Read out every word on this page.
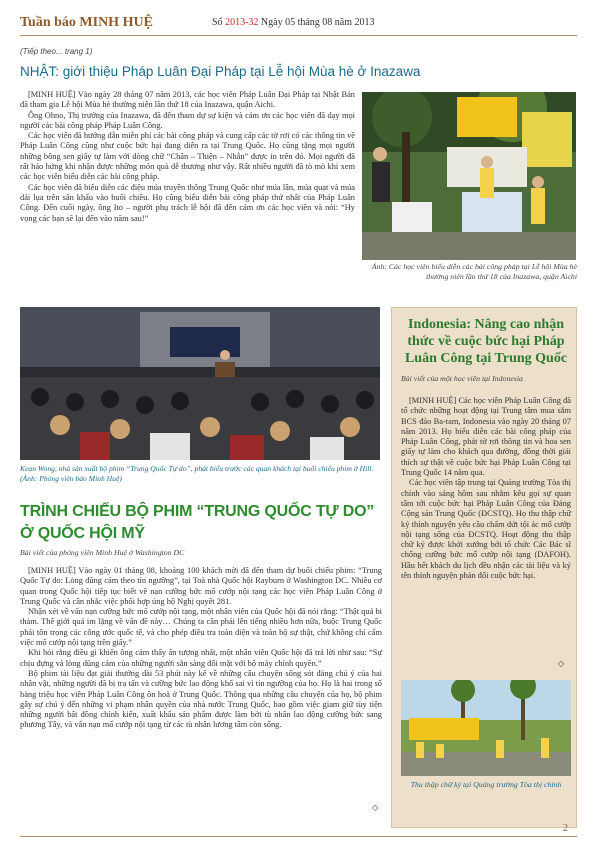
Tuần báo MINH HUỆ	Số 2013-32 Ngày 05 tháng 08 năm 2013
(Tiếp theo... trang 1)
NHẬT: giới thiệu Pháp Luân Đại Pháp tại Lễ hội Mùa hè ở Inazawa

[MINH HUỆ] Vào ngày 28 tháng 07 năm 2013, các học viên Pháp Luân Đại Pháp tại Nhật Bản đã tham gia Lễ hội Mùa hè thường niên lần thứ 18 của Inazawa, quận Aichi.

Ông Ohno, Thị trưởng của Inazawa, đã đến tham dự sự kiện và cảm ơn các học viên đã dạy mọi người các bài công pháp Pháp Luân Công.

Các học viên đã hướng dẫn miễn phí các bài công pháp và cung cấp các tờ rơi có các thông tin về Pháp Luân Công cũng như cuộc bức hại đang diễn ra tại Trung Quốc. Họ cũng tặng mọi người những bông sen giấy tự làm với dòng chữ “Chân – Thiện – Nhẫn” được in trên đó. Mọi người đã rất háo hứng khi nhận được những món quà dễ thương như vậy. Rất nhiều người đã tò mò khi xem các học viên biểu diễn các bài công pháp.

Các học viên đã biểu diễn các điệu múa truyền thống Trung Quốc như múa lân, múa quạt và múa dải lụa trên sân khấu vào buổi chiều. Họ cũng biểu diễn bài công pháp thứ nhất của Pháp Luân Công. Đến cuối ngày, ông Ito – người phụ trách lễ hội đã đến cảm ơn các học viên và nói: “Hy vọng các bạn sẽ lại đến vào năm sau!”

Ảnh: Các học viên biểu diễn các bài công pháp tại Lễ hội Mùa hè thường niên lần thứ 18 của Inazawa, quận Aichi
Kean Wong, nhà sản xuất bộ phim “Trung Quốc Tự do”, phát biểu trước các quan khách tại buổi chiếu phim ở Hill. (Ảnh: Phóng viên báo Minh Huệ)
TRÌNH CHIẾU BỘ PHIM “TRUNG QUỐC TỰ DO” Ở QUỐC HỘI MỸ
Bài viết của phóng viên Minh Huệ ở Washington DC

[MINH HUỆ] Vào ngày 01 tháng 08, khoảng 100 khách mời đã đến tham dự buổi chiếu phim: “Trung Quốc Tự do: Lòng dũng cảm theo tín ngưỡng”, tại Toà nhà Quốc hội Rayburn ở Washington DC. Nhiều cơ quan trong Quốc hội tiếp tục biết về nạn cưỡng bức mổ cướp nội tạng các học viên Pháp Luân Công ở Trung Quốc và cân nhắc việc phối hợp ủng hộ Nghị quyết 281.

Nhận xét về vấn nạn cưỡng bức mổ cướp nội tạng, một nhân viên của Quốc hội đã nói rằng: “Thật quá bi thảm. Thế giới quá im lặng về vấn đề này… Chúng ta cần phải lên tiếng nhiều hơn nữa, buộc Trung Quốc phải tôn trọng các công ước quốc tế, và cho phép điều tra toàn diện và toàn bộ sự thật, chứ không chỉ cấm việc mổ cướp nội tạng trên giấy.”

Khi hỏi rằng điều gì khiến ông cảm thấy ấn tượng nhất, một nhân viên Quốc hội đã trả lời như sau: “Sự chịu đựng và lòng dũng cảm của những người sẵn sàng đối mặt với bộ máy chính quyền.”

Bộ phim tài liệu đạt giải thưởng dài 53 phút này kể về những câu chuyện sống sót đáng chú ý của hai nhân vật, những người đã bị tra tấn và cưỡng bức lao động khổ sai vì tín ngưỡng của họ. Họ là hai trong số hàng triệu học viên Pháp Luân Công ôn hoà ở Trung Quốc. Thông qua những câu chuyện của họ, bộ phim gây sự chú ý đến những vi phạm nhân quyền của nhà nước Trung Quốc, bao gồm việc giam giữ tùy tiện những người bất đồng chính kiến, xuất khẩu sản phẩm được làm bởi tù nhân lao động cưỡng bức sang phương Tây, và vấn nạn mổ cướp nội tạng từ các tù nhân lương tâm còn sống.

◇
Indonesia: Nâng cao nhận thức về cuộc bức hại Pháp Luân Công tại Trung Quốc
Bài viết của một học viên tại Indonesia

[MINH HUỆ] Các học viên Pháp Luân Công đã tổ chức những hoạt động tại Trung tâm mua sắm BCS đảo Ba-tam, Indonesia vào ngày 20 tháng 07 năm 2013. Họ biểu diễn các bài công pháp của Pháp Luân Công, phát tờ rơi thông tin và hoa sen giấy tự làm cho khách qua đường, đồng thời giải thích sự thật về cuộc bức hại Pháp Luân Công tại Trung Quốc 14 năm qua.

Các học viên tập trung tại Quảng trường Tòa thị chính vào sáng hôm sau nhằm kêu gọi sự quan tâm tới cuộc bức hại Pháp Luân Công của Đảng Cộng sản Trung Quốc (ĐCSTQ). Họ thu thập chữ ký thỉnh nguyện yêu cầu chấm dứt tội ác mổ cướp nội tạng sống của ĐCSTQ. Hoạt động thu thập chữ ký được khởi xướng bởi tổ chức Các Bác sĩ chống cưỡng bức mổ cướp nội tạng (DAFOH). Hầu hết khách du lịch đều nhận các tài liệu và ký tên thỉnh nguyện phản đối cuộc bức hại.

◇
Thu thập chữ ký tại Quảng trường Tòa thị chính
2
